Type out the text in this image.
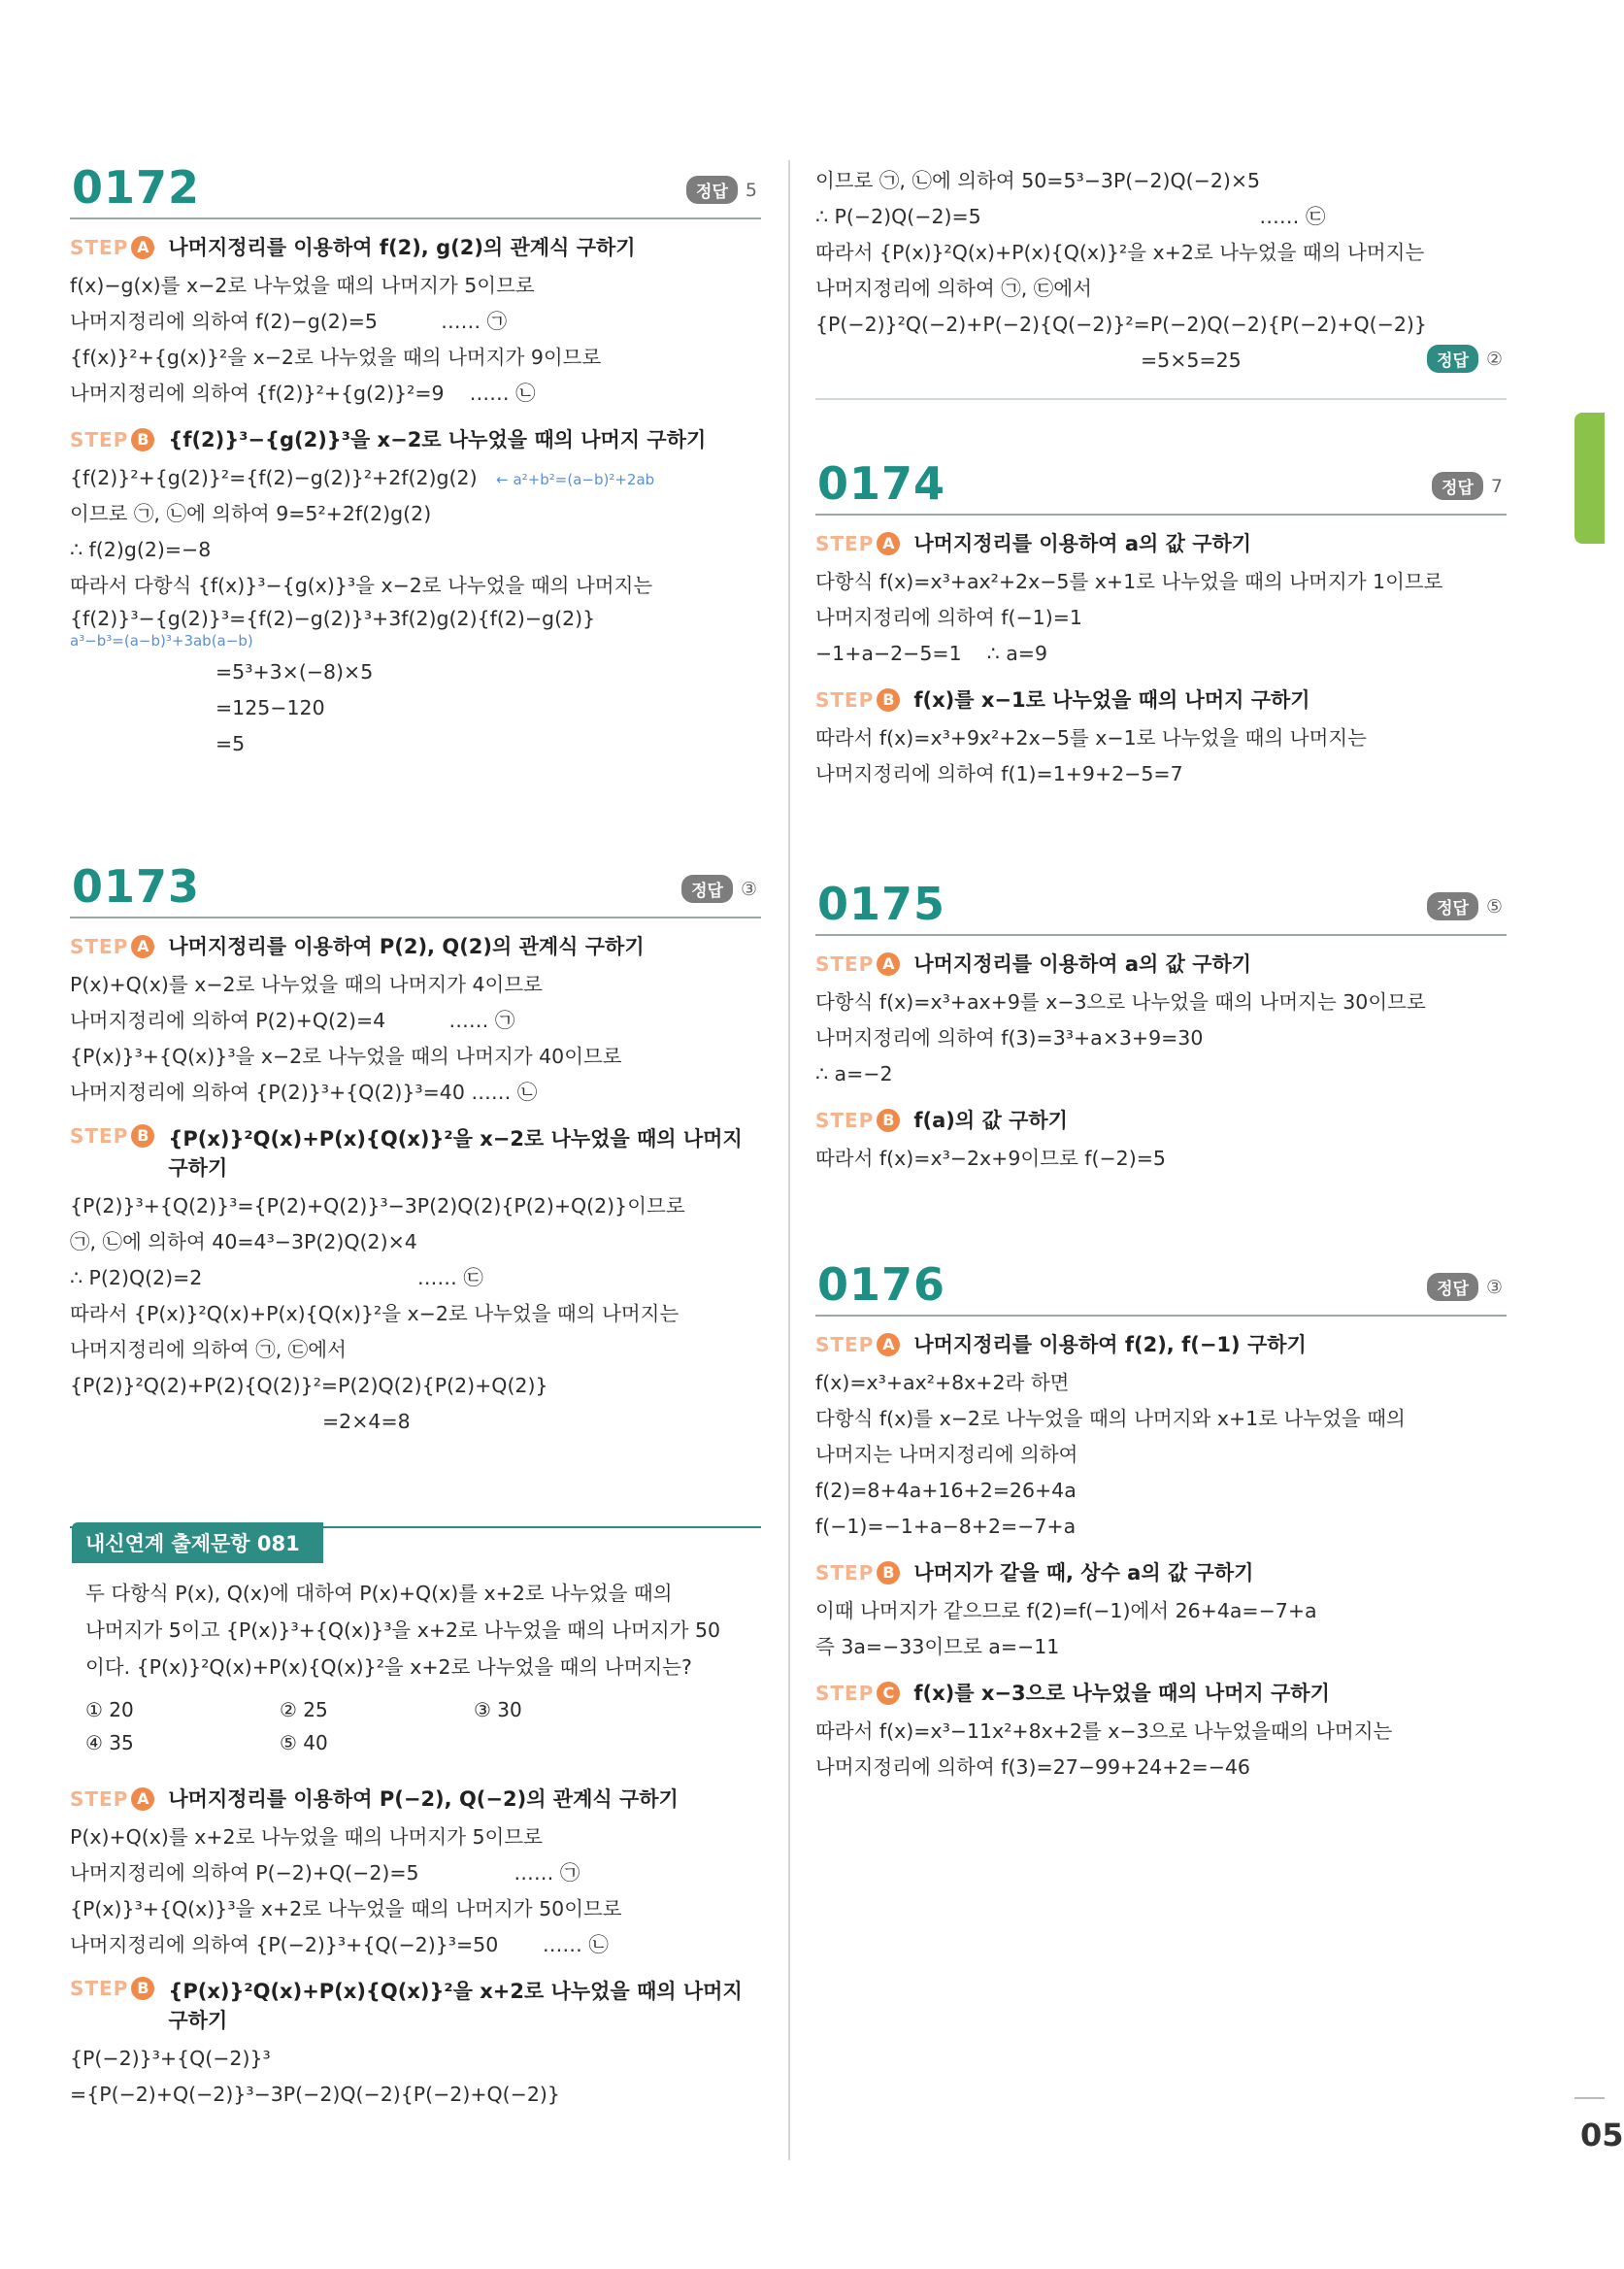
0172	정답 5
STEP A 나머지정리를 이용하여 f(2), g(2)의 관계식 구하기
f(x)−g(x)를 x−2로 나누었을 때의 나머지가 5이므로
나머지정리에 의하여 f(2)−g(2)=5          …… ㉠
{f(x)}²+{g(x)}²을 x−2로 나누었을 때의 나머지가 9이므로
나머지정리에 의하여 {f(2)}²+{g(2)}²=9    …… ㉡
STEP B {f(2)}³−{g(2)}³을 x−2로 나누었을 때의 나머지 구하기
{f(2)}²+{g(2)}²={f(2)−g(2)}²+2f(2)g(2) ← a²+b²=(a−b)²+2ab
이므로 ㉠, ㉡에 의하여 9=5²+2f(2)g(2)
∴ f(2)g(2)=−8
따라서 다항식 {f(x)}³−{g(x)}³을 x−2로 나누었을 때의 나머지는
{f(2)}³−{g(2)}³={f(2)−g(2)}³+3f(2)g(2){f(2)−g(2)}
a³−b³=(a−b)³+3ab(a−b)
=5³+3×(−8)×5
=125−120
=5
0173	정답 ③
STEP A 나머지정리를 이용하여 P(2), Q(2)의 관계식 구하기
P(x)+Q(x)를 x−2로 나누었을 때의 나머지가 4이므로
나머지정리에 의하여 P(2)+Q(2)=4          …… ㉠
{P(x)}³+{Q(x)}³을 x−2로 나누었을 때의 나머지가 40이므로
나머지정리에 의하여 {P(2)}³+{Q(2)}³=40 …… ㉡
STEP B {P(x)}²Q(x)+P(x){Q(x)}²을 x−2로 나누었을 때의 나머지
구하기
{P(2)}³+{Q(2)}³={P(2)+Q(2)}³−3P(2)Q(2){P(2)+Q(2)}이므로
㉠, ㉡에 의하여 40=4³−3P(2)Q(2)×4
∴ P(2)Q(2)=2                                  …… ㉢
따라서 {P(x)}²Q(x)+P(x){Q(x)}²을 x−2로 나누었을 때의 나머지는
나머지정리에 의하여 ㉠, ㉢에서
{P(2)}²Q(2)+P(2){Q(2)}²=P(2)Q(2){P(2)+Q(2)}
=2×4=8
내신연계 출제문항 081
두 다항식 P(x), Q(x)에 대하여 P(x)+Q(x)를 x+2로 나누었을 때의
나머지가 5이고 {P(x)}³+{Q(x)}³을 x+2로 나누었을 때의 나머지가 50
이다. {P(x)}²Q(x)+P(x){Q(x)}²을 x+2로 나누었을 때의 나머지는?
① 20	② 25	③ 30
④ 35	⑤ 40
STEP A 나머지정리를 이용하여 P(−2), Q(−2)의 관계식 구하기
P(x)+Q(x)를 x+2로 나누었을 때의 나머지가 5이므로
나머지정리에 의하여 P(−2)+Q(−2)=5               …… ㉠
{P(x)}³+{Q(x)}³을 x+2로 나누었을 때의 나머지가 50이므로
나머지정리에 의하여 {P(−2)}³+{Q(−2)}³=50       …… ㉡
STEP B {P(x)}²Q(x)+P(x){Q(x)}²을 x+2로 나누었을 때의 나머지
구하기
{P(−2)}³+{Q(−2)}³
={P(−2)+Q(−2)}³−3P(−2)Q(−2){P(−2)+Q(−2)}
이므로 ㉠, ㉡에 의하여 50=5³−3P(−2)Q(−2)×5
∴ P(−2)Q(−2)=5                                            …… ㉢
따라서 {P(x)}²Q(x)+P(x){Q(x)}²을 x+2로 나누었을 때의 나머지는
나머지정리에 의하여 ㉠, ㉢에서
{P(−2)}²Q(−2)+P(−2){Q(−2)}²=P(−2)Q(−2){P(−2)+Q(−2)}
=5×5=25	정답 ②
0174	정답 7
STEP A 나머지정리를 이용하여 a의 값 구하기
다항식 f(x)=x³+ax²+2x−5를 x+1로 나누었을 때의 나머지가 1이므로
나머지정리에 의하여 f(−1)=1
−1+a−2−5=1    ∴ a=9
STEP B f(x)를 x−1로 나누었을 때의 나머지 구하기
따라서 f(x)=x³+9x²+2x−5를 x−1로 나누었을 때의 나머지는
나머지정리에 의하여 f(1)=1+9+2−5=7
0175	정답 ⑤
STEP A 나머지정리를 이용하여 a의 값 구하기
다항식 f(x)=x³+ax+9를 x−3으로 나누었을 때의 나머지는 30이므로
나머지정리에 의하여 f(3)=3³+a×3+9=30
∴ a=−2
STEP B f(a)의 값 구하기
따라서 f(x)=x³−2x+9이므로 f(−2)=5
0176	정답 ③
STEP A 나머지정리를 이용하여 f(2), f(−1) 구하기
f(x)=x³+ax²+8x+2라 하면
다항식 f(x)를 x−2로 나누었을 때의 나머지와 x+1로 나누었을 때의
나머지는 나머지정리에 의하여
f(2)=8+4a+16+2=26+4a
f(−1)=−1+a−8+2=−7+a
STEP B 나머지가 같을 때, 상수 a의 값 구하기
이때 나머지가 같으므로 f(2)=f(−1)에서 26+4a=−7+a
즉 3a=−33이므로 a=−11
STEP C f(x)를 x−3으로 나누었을 때의 나머지 구하기
따라서 f(x)=x³−11x²+8x+2를 x−3으로 나누었을때의 나머지는
나머지정리에 의하여 f(3)=27−99+24+2=−46
05
